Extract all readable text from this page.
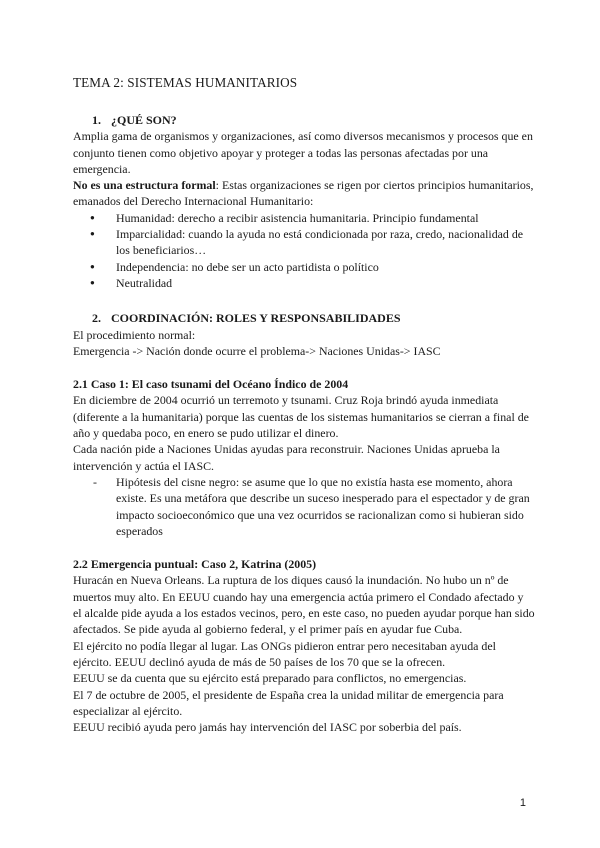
TEMA 2: SISTEMAS HUMANITARIOS
1. ¿QUÉ SON?

Amplia gama de organismos y organizaciones, así como diversos mecanismos y procesos que en conjunto tienen como objetivo apoyar y proteger a todas las personas afectadas por una emergencia.

No es una estructura formal: Estas organizaciones se rigen por ciertos principios humanitarios, emanados del Derecho Internacional Humanitario:

● Humanidad: derecho a recibir asistencia humanitaria. Principio fundamental
● Imparcialidad: cuando la ayuda no está condicionada por raza, credo, nacionalidad de los beneficiarios…
● Independencia: no debe ser un acto partidista o político
● Neutralidad
2. COORDINACIÓN: ROLES Y RESPONSABILIDADES

El procedimiento normal:

Emergencia -> Nación donde ocurre el problema-> Naciones Unidas-> IASC

2.1 Caso 1: El caso tsunami del Océano Índico de 2004

En diciembre de 2004 ocurrió un terremoto y tsunami. Cruz Roja brindó ayuda inmediata (diferente a la humanitaria) porque las cuentas de los sistemas humanitarios se cierran a final de año y quedaba poco, en enero se pudo utilizar el dinero.

Cada nación pide a Naciones Unidas ayudas para reconstruir. Naciones Unidas aprueba la intervención y actúa el IASC.

- Hipótesis del cisne negro: se asume que lo que no existía hasta ese momento, ahora existe. Es una metáfora que describe un suceso inesperado para el espectador y de gran impacto socioeconómico que una vez ocurridos se racionalizan como si hubieran sido esperados

2.2 Emergencia puntual: Caso 2, Katrina (2005)

Huracán en Nueva Orleans. La ruptura de los diques causó la inundación. No hubo un nº de muertos muy alto. En EEUU cuando hay una emergencia actúa primero el Condado afectado y el alcalde pide ayuda a los estados vecinos, pero, en este caso, no pueden ayudar porque han sido afectados. Se pide ayuda al gobierno federal, y el primer país en ayudar fue Cuba.

El ejército no podía llegar al lugar. Las ONGs pidieron entrar pero necesitaban ayuda del ejército. EEUU declinó ayuda de más de 50 países de los 70 que se la ofrecen.

EEUU se da cuenta que su ejército está preparado para conflictos, no emergencias.

El 7 de octubre de 2005, el presidente de España crea la unidad militar de emergencia para especializar al ejército.

EEUU recibió ayuda pero jamás hay intervención del IASC por soberbia del país.

1
